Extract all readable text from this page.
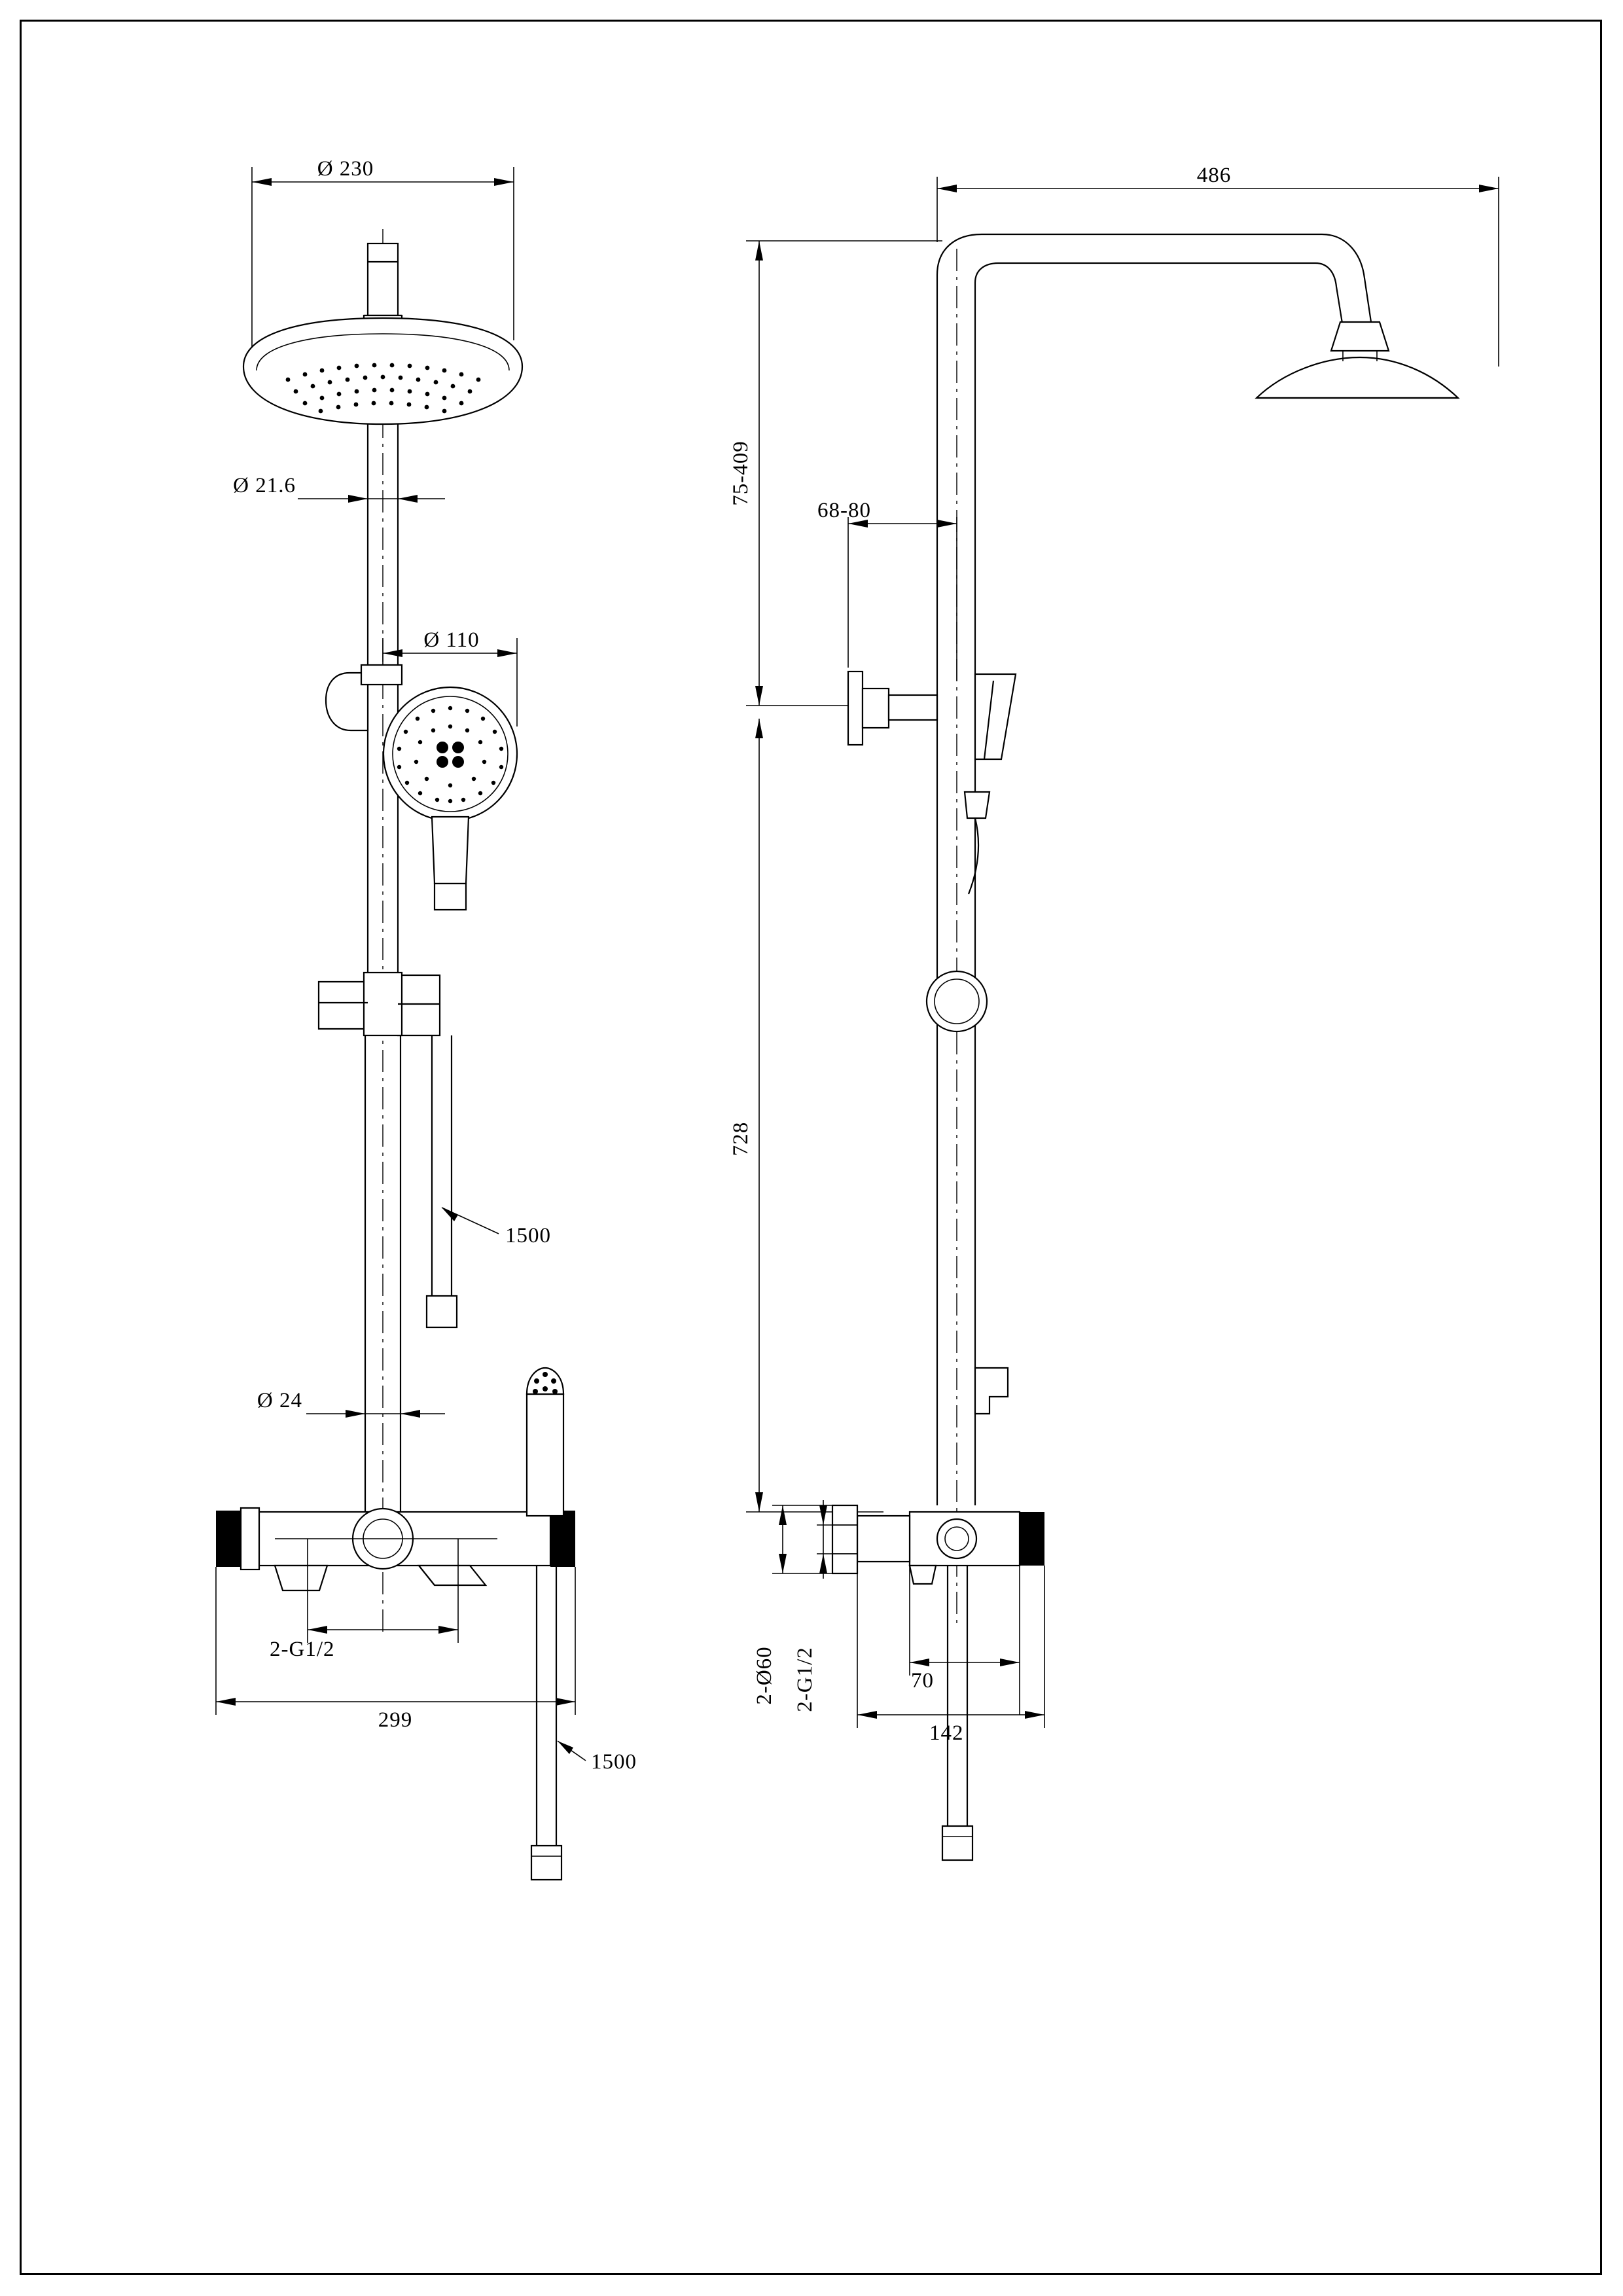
Ø 230
Ø 21.6
Ø 110
Ø 24
1500
2-G1/2
299
1500
486
75-409
68-80
728
2-Ø60 2-G1/2	70
142
